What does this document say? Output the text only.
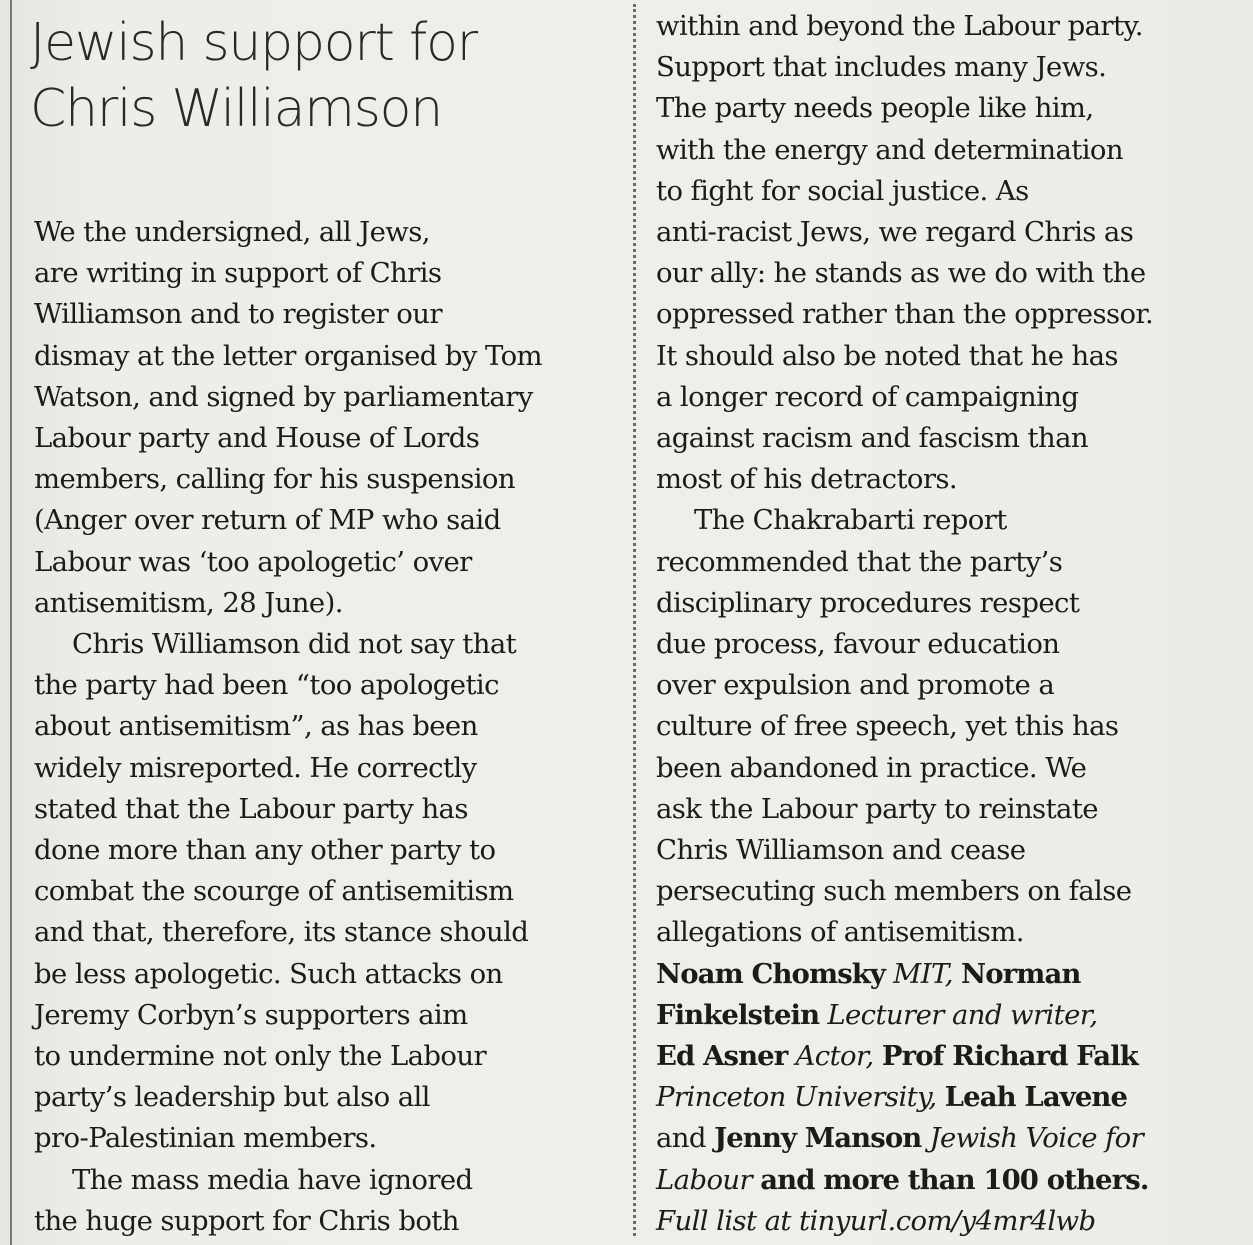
Jewish support for
Chris Williamson

We the undersigned, all Jews,
are writing in support of Chris
Williamson and to register our
dismay at the letter organised by Tom
Watson, and signed by parliamentary
Labour party and House of Lords
members, calling for his suspension
(Anger over return of MP who said
Labour was ‘too apologetic’ over
antisemitism, 28 June).

Chris Williamson did not say that
the party had been “too apologetic
about antisemitism”, as has been
widely misreported. He correctly
stated that the Labour party has
done more than any other party to
combat the scourge of antisemitism
and that, therefore, its stance should
be less apologetic. Such attacks on
Jeremy Corbyn’s supporters aim
to undermine not only the Labour
party’s leadership but also all
pro-Palestinian members.

The mass media have ignored
the huge support for Chris both

within and beyond the Labour party.
Support that includes many Jews.
The party needs people like him,
with the energy and determination
to fight for social justice. As
anti-racist Jews, we regard Chris as
our ally: he stands as we do with the
oppressed rather than the oppressor.
It should also be noted that he has
a longer record of campaigning
against racism and fascism than
most of his detractors.

The Chakrabarti report
recommended that the party’s
disciplinary procedures respect
due process, favour education
over expulsion and promote a
culture of free speech, yet this has
been abandoned in practice. We
ask the Labour party to reinstate
Chris Williamson and cease
persecuting such members on false
allegations of antisemitism.

Noam Chomsky MIT, Norman
Finkelstein Lecturer and writer,
Ed Asner Actor, Prof Richard Falk
Princeton University, Leah Lavene
and Jenny Manson Jewish Voice for
Labour and more than 100 others.
Full list at tinyurl.com/y4mr4lwb
